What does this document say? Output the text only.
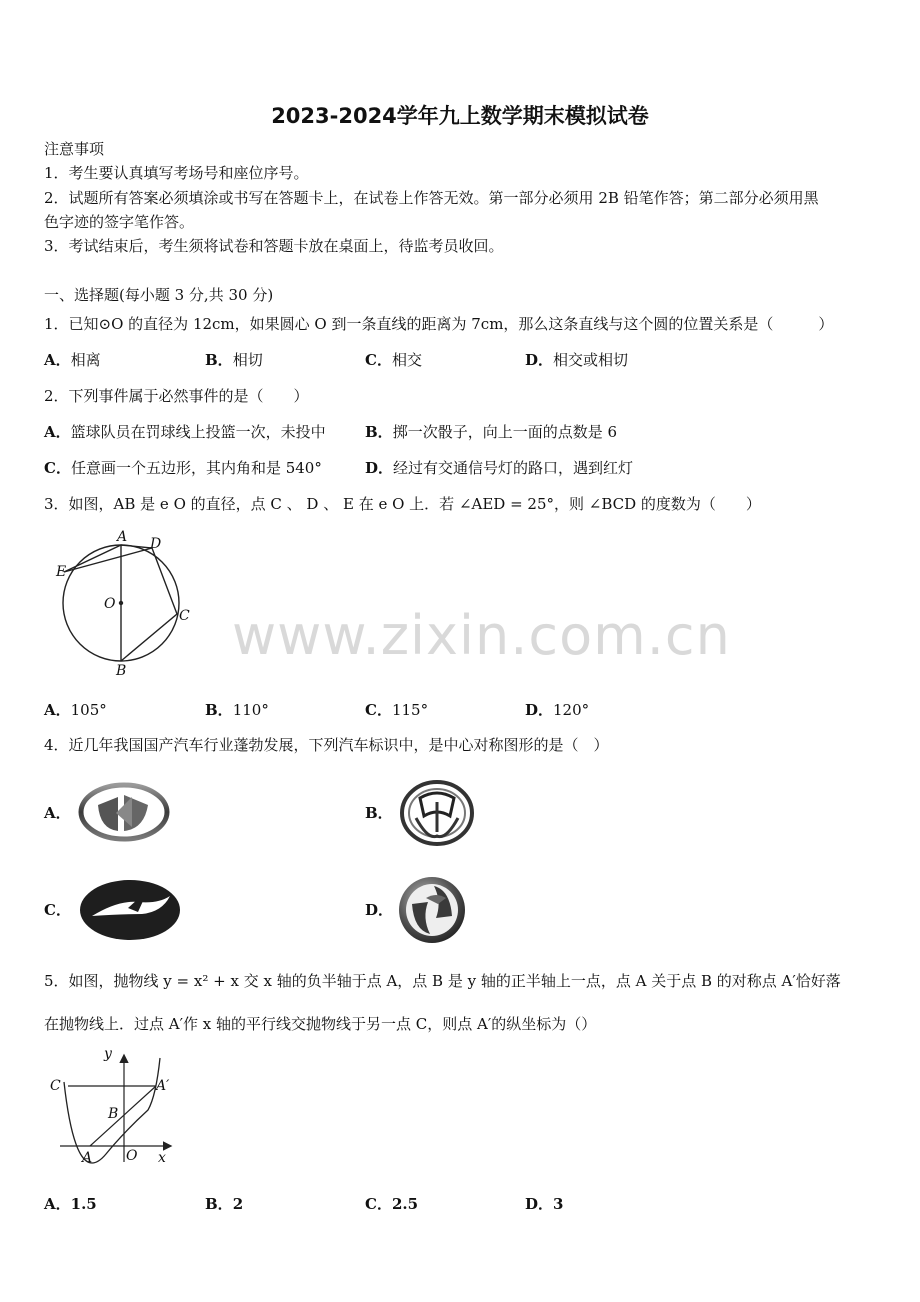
2023-2024学年九上数学期末模拟试卷
www.zixin.com.cn
注意事项
1．考生要认真填写考场号和座位序号。
2．试题所有答案必须填涂或书写在答题卡上，在试卷上作答无效。第一部分必须用 2B 铅笔作答；第二部分必须用黑
色字迹的签字笔作答。
3．考试结束后，考生须将试卷和答题卡放在桌面上，待监考员收回。
一、选择题(每小题 3 分,共 30 分)
1．已知⊙O 的直径为 12cm，如果圆心 O 到一条直线的距离为 7cm，那么这条直线与这个圆的位置关系是（　　　）
A．相离	B．相切	C．相交	D．相交或相切
2．下列事件属于必然事件的是（　　）
A．篮球队员在罚球线上投篮一次，未投中	B．掷一次骰子，向上一面的点数是 6
C．任意画一个五边形，其内角和是 540°	D．经过有交通信号灯的路口，遇到红灯
3．如图，AB 是 e O 的直径，点 C 、 D 、 E 在 e O 上．若 ∠AED = 25°，则 ∠BCD 的度数为（　　）
A D
E
O
C
B
A．105°	B．110°	C．115°	D．120°
4．近几年我国国产汽车行业蓬勃发展，下列汽车标识中，是中心对称图形的是（　）
A．	B．
C．	D．
5．如图，抛物线 y = x² + x 交 x 轴的负半轴于点 A，点 B 是 y 轴的正半轴上一点，点 A 关于点 B 的对称点 A′恰好落
在抛物线上．过点 A′作 x 轴的平行线交抛物线于另一点 C，则点 A′的纵坐标为（）
y
x
C	A′
B
A O
A．1.5	B．2	C．2.5	D．3
